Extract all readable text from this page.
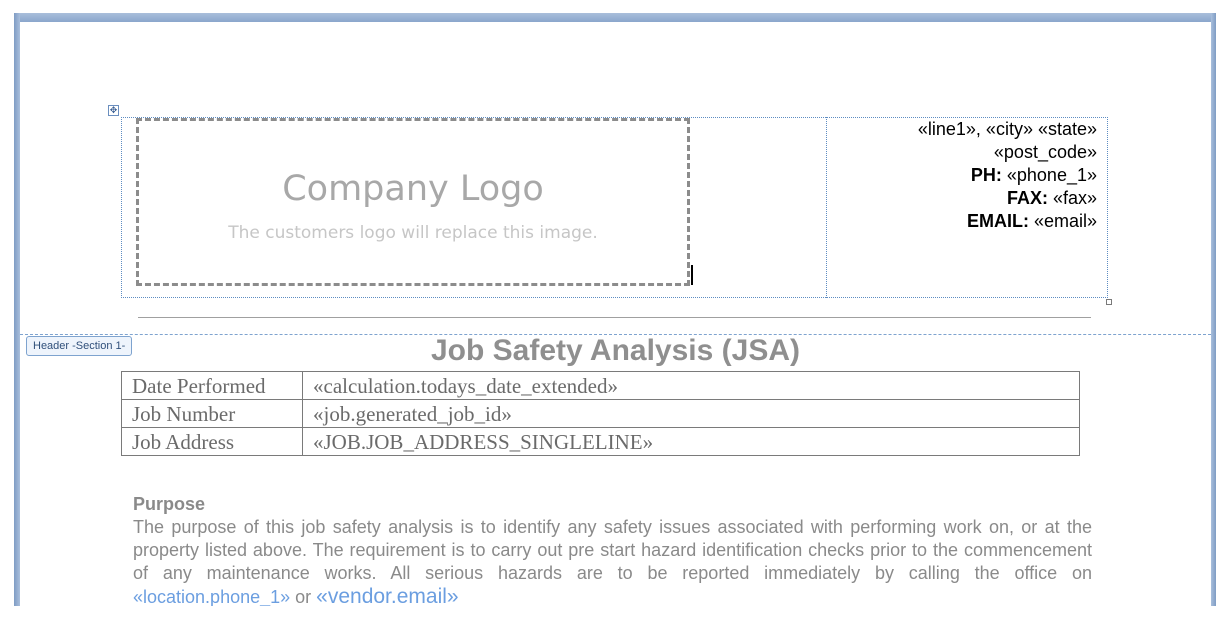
✥
Company Logo
The customers logo will replace this image.
«line1», «city» «state»
«post_code»
PH: «phone_1»
FAX: «fax»
EMAIL: «email»
Header -Section 1-	Job Safety Analysis (JSA)
Date Performed	«calculation.todays_date_extended»
Job Number	«job.generated_job_id»
Job Address	«JOB.JOB_ADDRESS_SINGLELINE»
Purpose

The purpose of this job safety analysis is to identify any safety issues associated with performing work on, or at the property listed above. The requirement is to carry out pre start hazard identification checks prior to the commencement of any maintenance works. All serious hazards are to be reported immediately by calling the office on «location.phone_1» or «vendor.email»
